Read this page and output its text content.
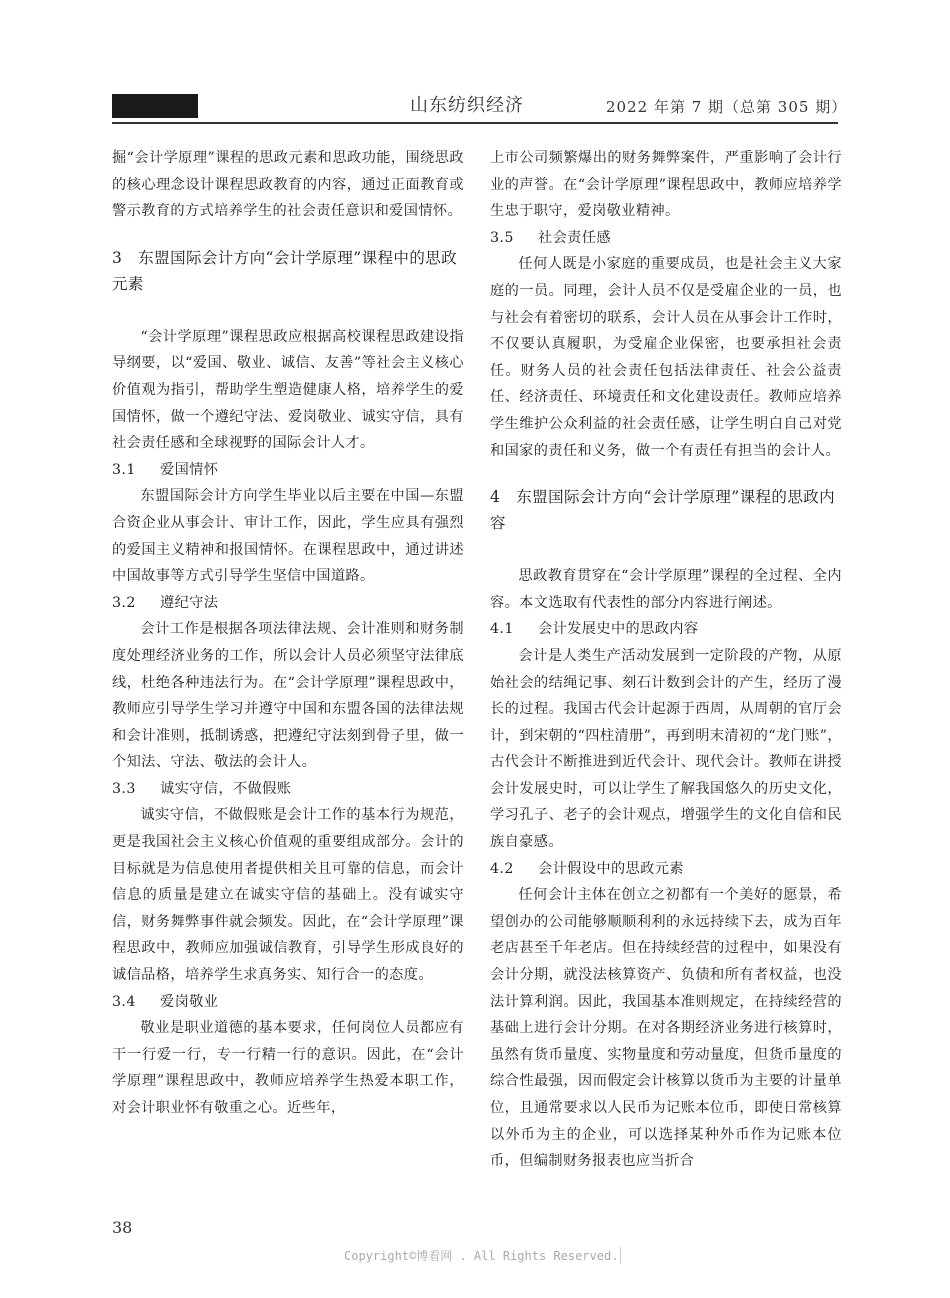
山东纺织经济	2022 年第 7 期（总第 305 期）

掘“会计学原理”课程的思政元素和思政功能，围绕思政的核心理念设计课程思政教育的内容，通过正面教育或警示教育的方式培养学生的社会责任意识和爱国情怀。

3 东盟国际会计方向“会计学原理”课程中的思政元素

“会计学原理”课程思政应根据高校课程思政建设指导纲要，以“爱国、敬业、诚信、友善”等社会主义核心价值观为指引，帮助学生塑造健康人格，培养学生的爱国情怀，做一个遵纪守法、爱岗敬业、诚实守信，具有社会责任感和全球视野的国际会计人才。

3.1 爱国情怀

东盟国际会计方向学生毕业以后主要在中国—东盟合资企业从事会计、审计工作，因此，学生应具有强烈的爱国主义精神和报国情怀。在课程思政中，通过讲述中国故事等方式引导学生坚信中国道路。

3.2 遵纪守法

会计工作是根据各项法律法规、会计准则和财务制度处理经济业务的工作，所以会计人员必须坚守法律底线，杜绝各种违法行为。在“会计学原理”课程思政中，教师应引导学生学习并遵守中国和东盟各国的法律法规和会计准则，抵制诱惑，把遵纪守法刻到骨子里，做一个知法、守法、敬法的会计人。

3.3 诚实守信，不做假账

诚实守信，不做假账是会计工作的基本行为规范，更是我国社会主义核心价值观的重要组成部分。会计的目标就是为信息使用者提供相关且可靠的信息，而会计信息的质量是建立在诚实守信的基础上。没有诚实守信，财务舞弊事件就会频发。因此，在“会计学原理”课程思政中，教师应加强诚信教育，引导学生形成良好的诚信品格，培养学生求真务实、知行合一的态度。

3.4 爱岗敬业

敬业是职业道德的基本要求，任何岗位人员都应有干一行爱一行，专一行精一行的意识。因此，在“会计学原理”课程思政中，教师应培养学生热爱本职工作，对会计职业怀有敬重之心。近些年，

上市公司频繁爆出的财务舞弊案件，严重影响了会计行业的声誉。在“会计学原理”课程思政中，教师应培养学生忠于职守，爱岗敬业精神。

3.5 社会责任感

任何人既是小家庭的重要成员，也是社会主义大家庭的一员。同理，会计人员不仅是受雇企业的一员，也与社会有着密切的联系，会计人员在从事会计工作时，不仅要认真履职，为受雇企业保密，也要承担社会责任。财务人员的社会责任包括法律责任、社会公益责任、经济责任、环境责任和文化建设责任。教师应培养学生维护公众利益的社会责任感，让学生明白自己对党和国家的责任和义务，做一个有责任有担当的会计人。

4 东盟国际会计方向“会计学原理”课程的思政内容

思政教育贯穿在“会计学原理”课程的全过程、全内容。本文选取有代表性的部分内容进行阐述。

4.1 会计发展史中的思政内容

会计是人类生产活动发展到一定阶段的产物，从原始社会的结绳记事、刻石计数到会计的产生，经历了漫长的过程。我国古代会计起源于西周，从周朝的官厅会计，到宋朝的“四柱清册”，再到明末清初的“龙门账”，古代会计不断推进到近代会计、现代会计。教师在讲授会计发展史时，可以让学生了解我国悠久的历史文化，学习孔子、老子的会计观点，增强学生的文化自信和民族自豪感。

4.2 会计假设中的思政元素

任何会计主体在创立之初都有一个美好的愿景，希望创办的公司能够顺顺利利的永远持续下去，成为百年老店甚至千年老店。但在持续经营的过程中，如果没有会计分期，就没法核算资产、负债和所有者权益，也没法计算利润。因此，我国基本准则规定，在持续经营的基础上进行会计分期。在对各期经济业务进行核算时，虽然有货币量度、实物量度和劳动量度，但货币量度的综合性最强，因而假定会计核算以货币为主要的计量单位，且通常要求以人民币为记账本位币，即使日常核算以外币为主的企业，可以选择某种外币作为记账本位币，但编制财务报表也应当折合

38
Copyright©博看网 . All Rights Reserved.
